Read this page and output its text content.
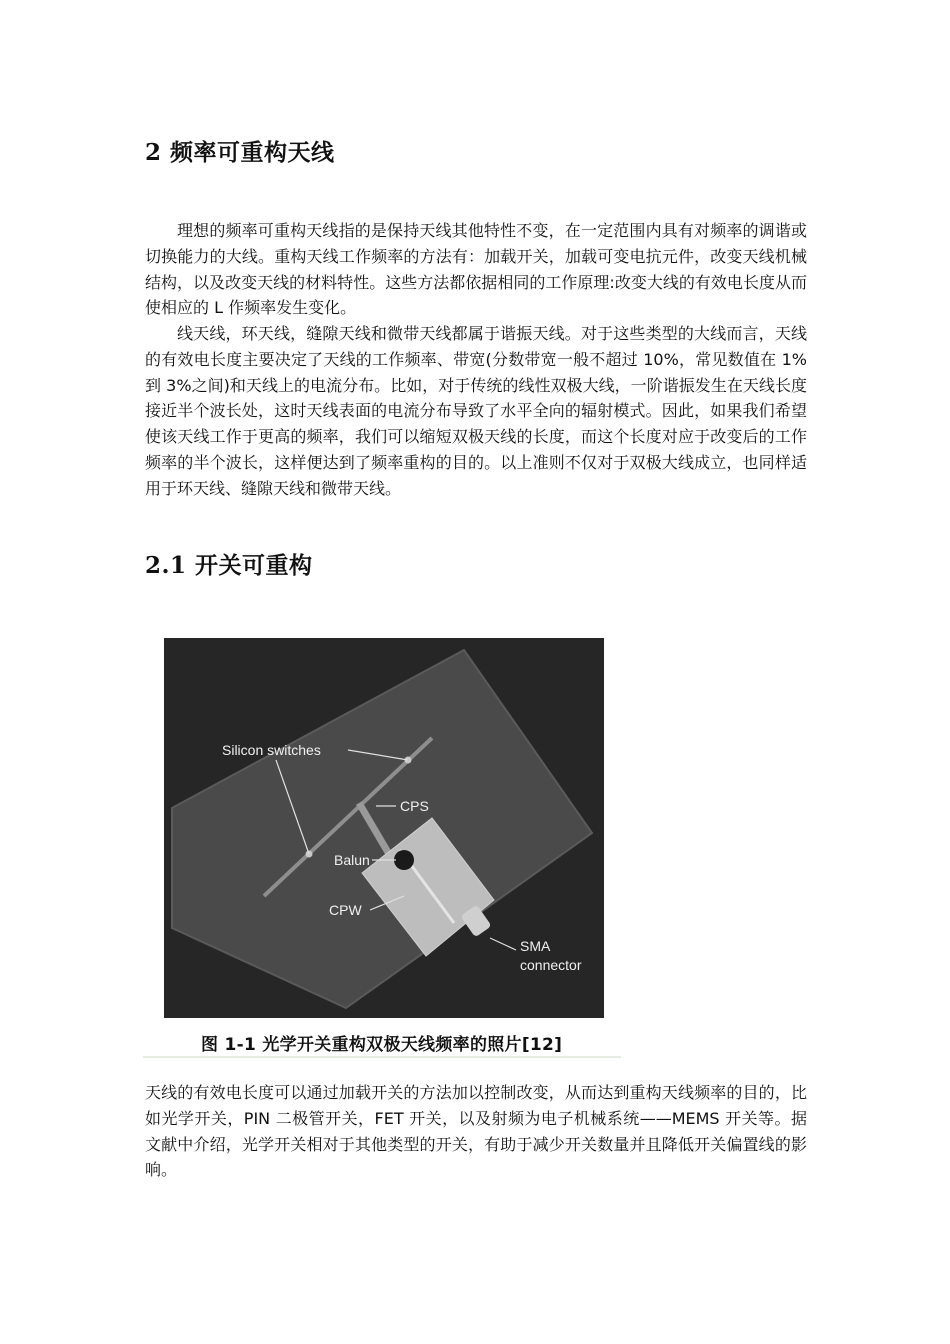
2 频率可重构天线

理想的频率可重构天线指的是保持天线其他特性不变，在一定范围内具有对频率的调谐或切换能力的大线。重构天线工作频率的方法有：加载开关，加载可变电抗元件，改变天线机械结构，以及改变天线的材料特性。这些方法都依据相同的工作原理:改变大线的有效电长度从而使相应的 L 作频率发生变化。

线天线，环天线，缝隙天线和微带天线都属于谐振天线。对于这些类型的大线而言，天线的有效电长度主要决定了天线的工作频率、带宽(分数带宽一般不超过 10%，常见数值在 1%到 3%之间)和天线上的电流分布。比如，对于传统的线性双极大线，一阶谐振发生在天线长度接近半个波长处，这时天线表面的电流分布导致了水平全向的辐射模式。因此，如果我们希望使该天线工作于更高的频率，我们可以缩短双极天线的长度，而这个长度对应于改变后的工作频率的半个波长，这样便达到了频率重构的目的。以上准则不仅对于双极大线成立，也同样适用于环天线、缝隙天线和微带天线。

2.1 开关可重构
Silicon switches
CPS
Balun
CPW
SMA
connector

图 1-1 光学开关重构双极天线频率的照片[12]

天线的有效电长度可以通过加载开关的方法加以控制改变，从而达到重构天线频率的目的，比如光学开关，PIN 二极管开关，FET 开关，以及射频为电子机械系统——MEMS 开关等。据文献中介绍，光学开关相对于其他类型的开关，有助于减少开关数量并且降低开关偏置线的影响。
